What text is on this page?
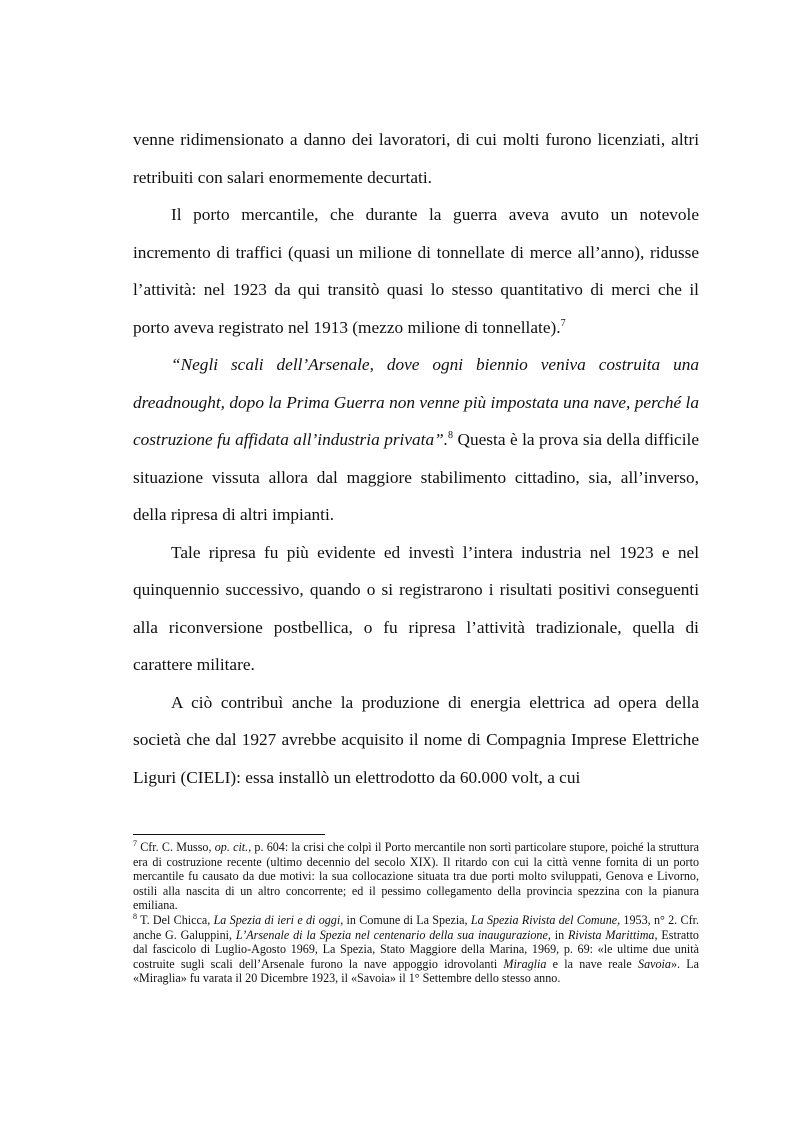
venne ridimensionato a danno dei lavoratori, di cui molti furono licenziati, altri retribuiti con salari enormemente decurtati.

Il porto mercantile, che durante la guerra aveva avuto un notevole incremento di traffici (quasi un milione di tonnellate di merce all’anno), ridusse l’attività: nel 1923 da qui transitò quasi lo stesso quantitativo di merci che il porto aveva registrato nel 1913 (mezzo milione di tonnellate).$^7$

“Negli scali dell’Arsenale, dove ogni biennio veniva costruita una dreadnought, dopo la Prima Guerra non venne più impostata una nave, perché la costruzione fu affidata all’industria privata”.$^8$ Questa è la prova sia della difficile situazione vissuta allora dal maggiore stabilimento cittadino, sia, all’inverso, della ripresa di altri impianti.

Tale ripresa fu più evidente ed investì l’intera industria nel 1923 e nel quinquennio successivo, quando o si registrarono i risultati positivi conseguenti alla riconversione postbellica, o fu ripresa l’attività tradizionale, quella di carattere militare.

A ciò contribuì anche la produzione di energia elettrica ad opera della società che dal 1927 avrebbe acquisito il nome di Compagnia Imprese Elettriche Liguri (CIELI): essa installò un elettrodotto da 60.000 volt, a cui

$^7$ Cfr. C. Musso, op. cit., p. 604: la crisi che colpì il Porto mercantile non sortì particolare stupore, poiché la struttura era di costruzione recente (ultimo decennio del secolo XIX). Il ritardo con cui la città venne fornita di un porto mercantile fu causato da due motivi: la sua collocazione situata tra due porti molto sviluppati, Genova e Livorno, ostili alla nascita di un altro concorrente; ed il pessimo collegamento della provincia spezzina con la pianura emiliana.

$^8$ T. Del Chicca, La Spezia di ieri e di oggi, in Comune di La Spezia, La Spezia Rivista del Comune, 1953, n° 2. Cfr. anche G. Galuppini, L’Arsenale di la Spezia nel centenario della sua inaugurazione, in Rivista Marittima, Estratto dal fascicolo di Luglio-Agosto 1969, La Spezia, Stato Maggiore della Marina, 1969, p. 69: «le ultime due unità costruite sugli scali dell’Arsenale furono la nave appoggio idrovolanti Miraglia e la nave reale Savoia». La «Miraglia» fu varata il 20 Dicembre 1923, il «Savoia» il 1° Settembre dello stesso anno.
